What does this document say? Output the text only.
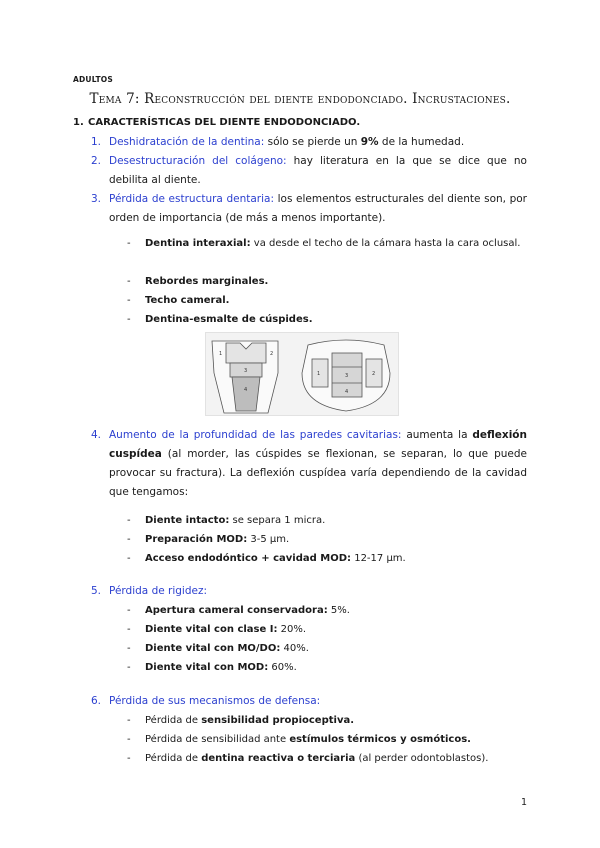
ADULTOS
Tema 7: Reconstrucción del diente endodonciado. Incrustaciones.
1. CARACTERÍSTICAS DEL DIENTE ENDODONCIADO.
1. Deshidratación de la dentina: sólo se pierde un 9% de la humedad.
2. Desestructuración del colágeno: hay literatura en la que se dice que no debilita al diente.
3. Pérdida de estructura dentaria: los elementos estructurales del diente son, por orden de importancia (de más a menos importante).
- Dentina interaxial: va desde el techo de la cámara hasta la cara oclusal.
- Rebordes marginales.
- Techo cameral.
- Dentina-esmalte de cúspides.
1	2
3
4
1	2
3
4
4. Aumento de la profundidad de las paredes cavitarias: aumenta la deflexión cuspídea (al morder, las cúspides se flexionan, se separan, lo que puede provocar su fractura). La deflexión cuspídea varía dependiendo de la cavidad que tengamos:
- Diente intacto: se separa 1 micra.
- Preparación MOD: 3-5 μm.
- Acceso endodóntico + cavidad MOD: 12-17 μm.
5. Pérdida de rigidez:
- Apertura cameral conservadora: 5%.
- Diente vital con clase I: 20%.
- Diente vital con MO/DO: 40%.
- Diente vital con MOD: 60%.
6. Pérdida de sus mecanismos de defensa:
- Pérdida de sensibilidad propioceptiva.
- Pérdida de sensibilidad ante estímulos térmicos y osmóticos.
- Pérdida de dentina reactiva o terciaria (al perder odontoblastos).
1
